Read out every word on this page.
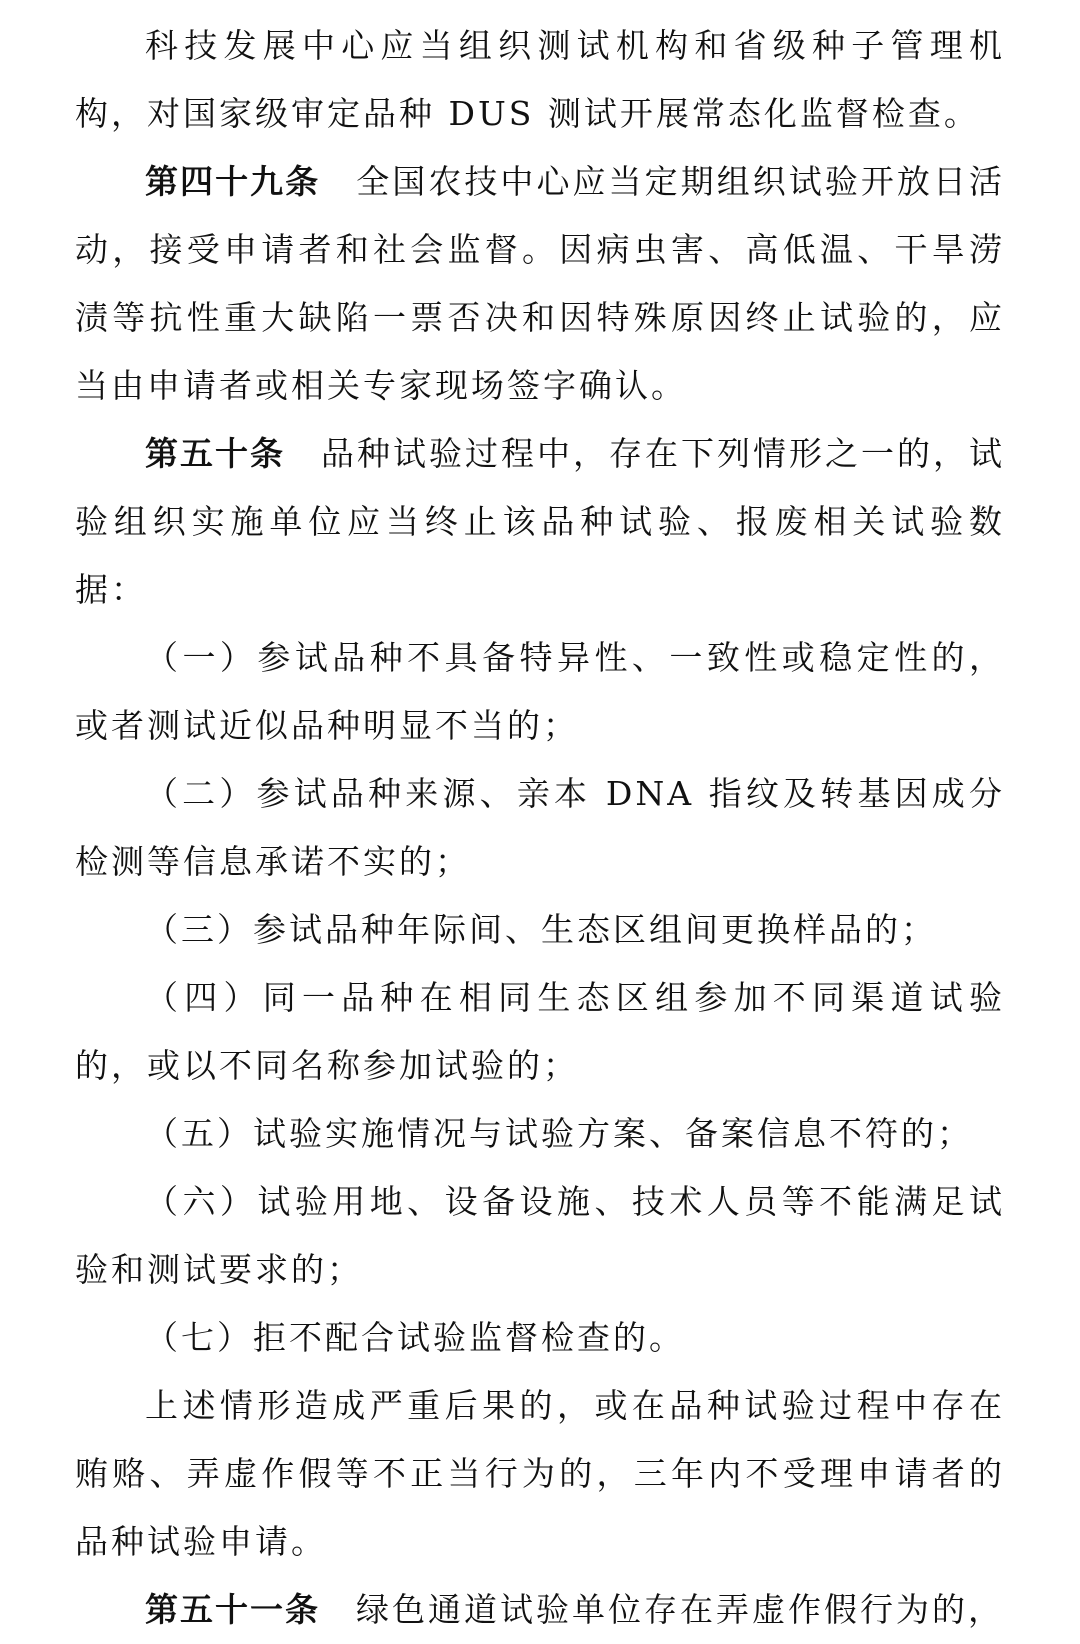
科技发展中心应当组织测试机构和省级种子管理机构，对国家级审定品种 DUS 测试开展常态化监督检查。

第四十九条 全国农技中心应当定期组织试验开放日活动，接受申请者和社会监督。因病虫害、高低温、干旱涝渍等抗性重大缺陷一票否决和因特殊原因终止试验的，应当由申请者或相关专家现场签字确认。

第五十条 品种试验过程中，存在下列情形之一的，试验组织实施单位应当终止该品种试验、报废相关试验数据：

（一）参试品种不具备特异性、一致性或稳定性的，或者测试近似品种明显不当的；

（二）参试品种来源、亲本 DNA 指纹及转基因成分检测等信息承诺不实的；

（三）参试品种年际间、生态区组间更换样品的；

（四）同一品种在相同生态区组参加不同渠道试验的，或以不同名称参加试验的；

（五）试验实施情况与试验方案、备案信息不符的；

（六）试验用地、设备设施、技术人员等不能满足试验和测试要求的；

（七）拒不配合试验监督检查的。

上述情形造成严重后果的，或在品种试验过程中存在贿赂、弄虚作假等不正当行为的，三年内不受理申请者的品种试验申请。

第五十一条 绿色通道试验单位存在弄虚作假行为的，
